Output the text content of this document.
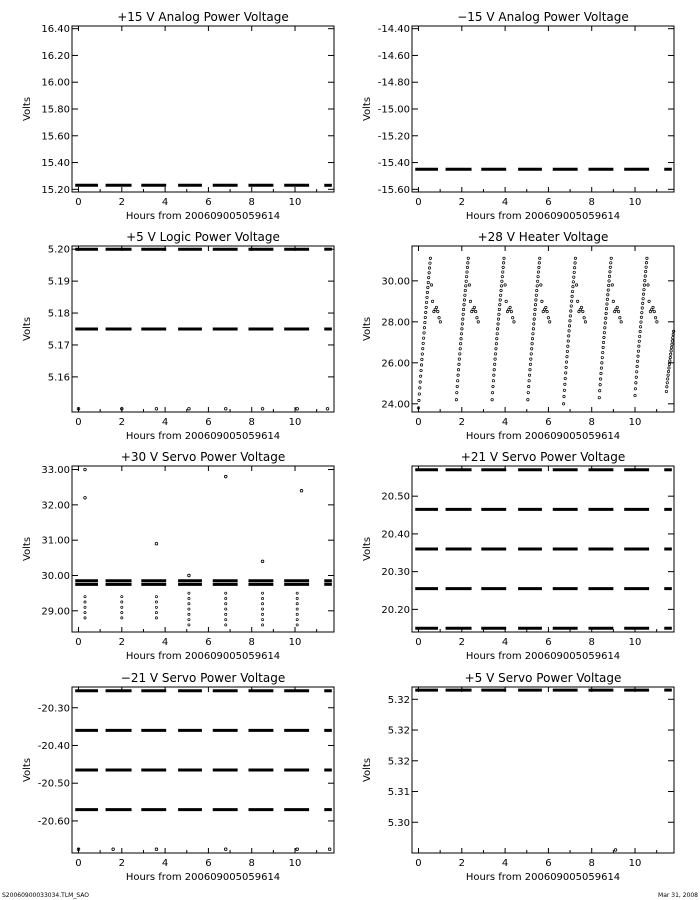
+15 V Analog Power Voltage
0	2	4	6	8	10
15.20
15.40
15.60
15.80
16.00
16.20
16.40
Hours from 200609005059614
Volts
−15 V Analog Power Voltage
0	2	4	6	8	10
-15.60
-15.40
-15.20
-15.00
-14.80
-14.60
-14.40
Hours from 200609005059614
Volts
+5 V Logic Power Voltage
0	2	4	6	8	10
5.16
5.17
5.18
5.19
5.20
Hours from 200609005059614
Volts
+28 V Heater Voltage
0	2	4	6	8	10
24.00
26.00
28.00
30.00
Hours from 200609005059614
Volts
+30 V Servo Power Voltage
0	2	4	6	8	10
29.00
30.00
31.00
32.00
33.00
Hours from 200609005059614
Volts
+21 V Servo Power Voltage
0	2	4	6	8	10
20.20
20.30
20.40
20.50
Hours from 200609005059614
Volts
−21 V Servo Power Voltage
0	2	4	6	8	10
-20.60
-20.50
-20.40
-20.30
Hours from 200609005059614
Volts
+5 V Servo Power Voltage
0	2	4	6	8	10
5.30
5.31
5.32
5.32
5.32
Hours from 200609005059614
Volts
S20060900033034.TLM_SAO	Mar 31, 2008
